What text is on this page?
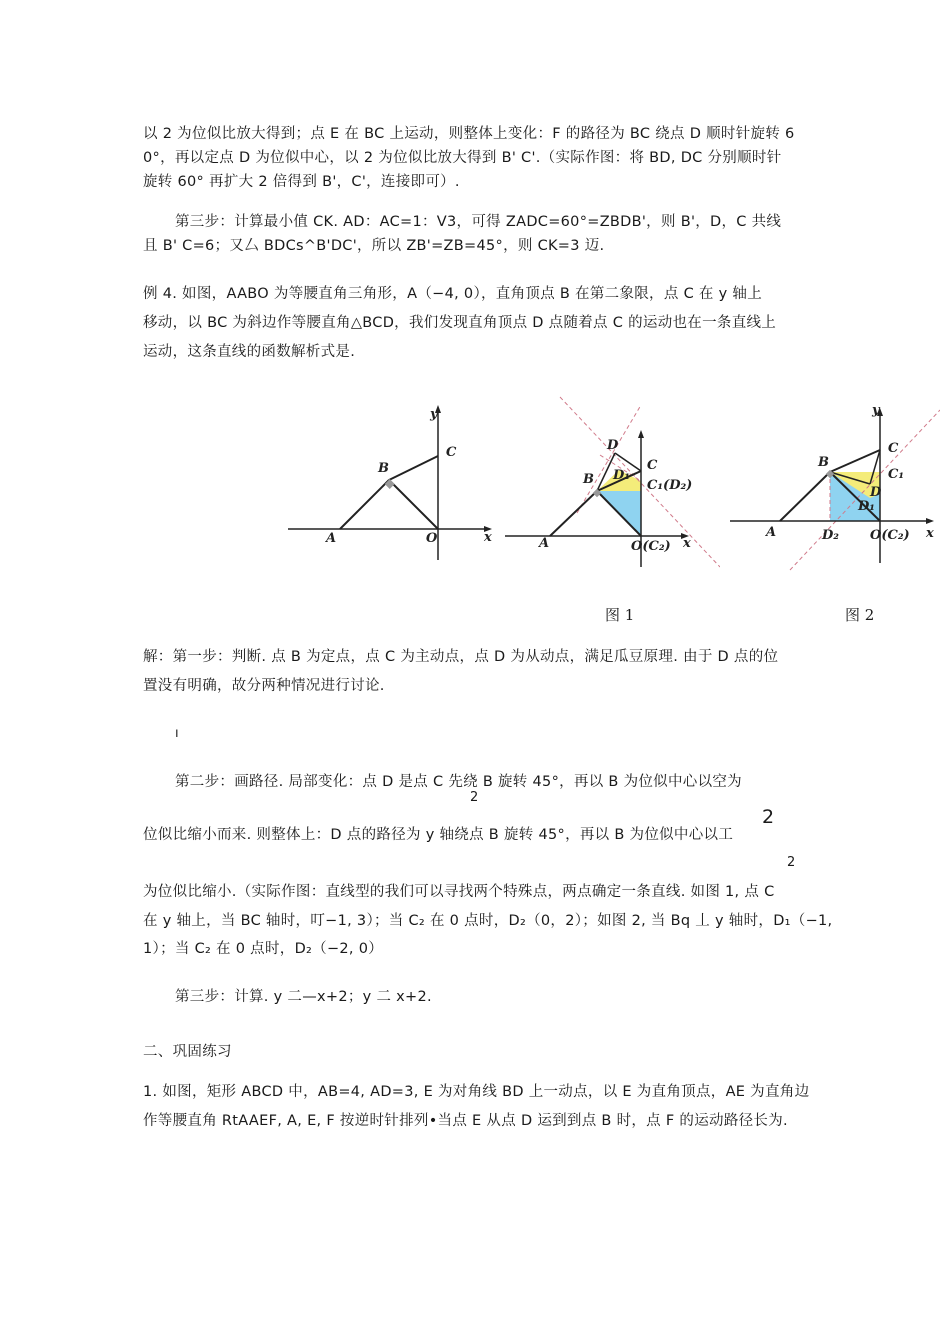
以 2 为位似比放大得到；点 E 在 BC 上运动，则整体上变化：F 的路径为 BC 绕点 D 顺时针旋转 6
0°，再以定点 D 为位似中心，以 2 为位似比放大得到 B' C'.（实际作图：将 BD, DC 分别顺时针
旋转 60° 再扩大 2 倍得到 B'，C'，连接即可）.
第三步：计算最小值 CK. AD：AC=1：V3，可得 ZADC=60°=ZBDB'，则 B'，D，C 共线
且 B' C=6；又厶 BDCs^B'DC'，所以 ZB'=ZB=45°，则 CK=3 迈.
例 4. 如图，AABO 为等腰直角三角形，A（−4, 0），直角顶点 B 在第二象限，点 C 在 y 轴上
移动，以 BC 为斜边作等腰直角△BCD，我们发现直角顶点 D 点随着点 C 的运动也在一条直线上
运动，这条直线的函数解析式是.
y
x
A
B
C
O	A
B
D
D₁
C
C₁(D₂)
O(C₂) x
y
B
C
C₁
D
D₁
A	D₂ O(C₂) x
图 1	图 2
解：第一步：判断. 点 B 为定点，点 C 为主动点，点 D 为从动点，满足瓜豆原理. 由于 D 点的位
置没有明确，故分两种情况进行讨论.
ı
第二步：画路径. 局部变化：点 D 是点 C 先绕 B 旋转 45°，再以 B 为位似中心以空为
2
位似比缩小而来. 则整体上：D 点的路径为 y 轴绕点 B 旋转 45°，再以 B 为位似中心以工
2
2
为位似比缩小.（实际作图：直线型的我们可以寻找两个特殊点，两点确定一条直线. 如图 1, 点 C
在 y 轴上，当 BC 轴时，叮−1, 3）；当 C₂ 在 0 点时，D₂（0，2）；如图 2, 当 Bq 丄 y 轴时，D₁（−1,
1）；当 C₂ 在 0 点时，D₂（−2, 0）
第三步：计算. y 二—x+2；y 二 x+2.
二、巩固练习
1. 如图，矩形 ABCD 中，AB=4, AD=3, E 为对角线 BD 上一动点，以 E 为直角顶点，AE 为直角边
作等腰直角 RtAAEF, A, E, F 按逆时针排列•当点 E 从点 D 运到到点 B 时，点 F 的运动路径长为.
